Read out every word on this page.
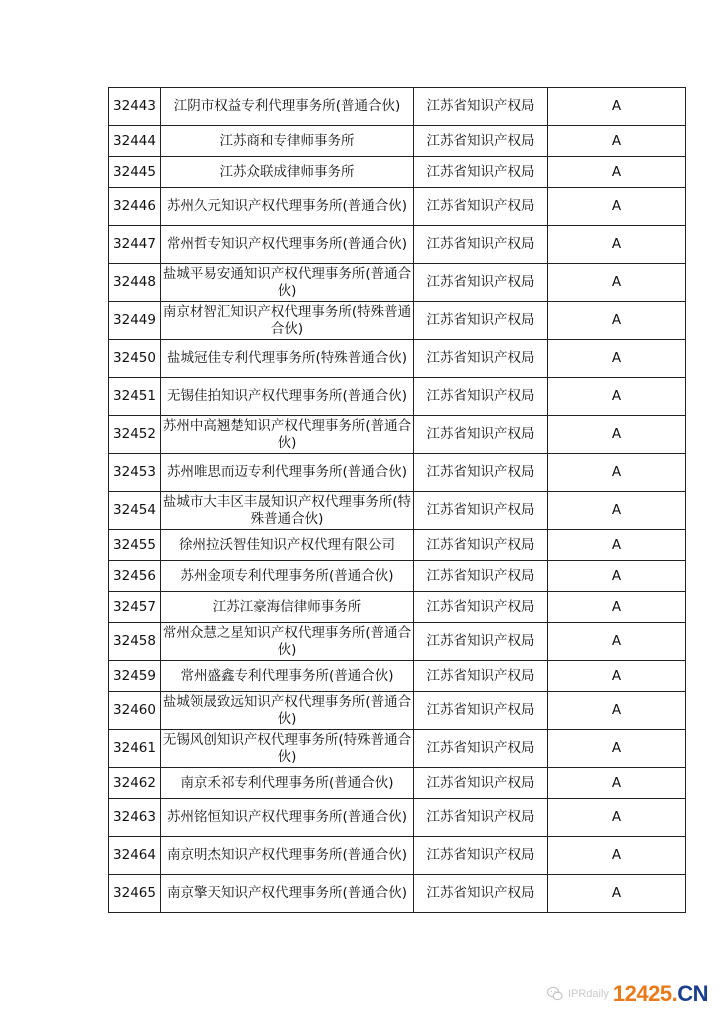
32443	江阴市权益专利代理事务所(普通合伙)	江苏省知识产权局	A
32444	江苏商和专律师事务所	江苏省知识产权局	A
32445	江苏众联成律师事务所	江苏省知识产权局	A
32446	苏州久元知识产权代理事务所(普通合伙)	江苏省知识产权局	A
32447	常州哲专知识产权代理事务所(普通合伙)	江苏省知识产权局	A
32448	盐城平易安通知识产权代理事务所(普通合伙)	江苏省知识产权局	A
32449	南京材智汇知识产权代理事务所(特殊普通合伙)	江苏省知识产权局	A
32450	盐城冠佳专利代理事务所(特殊普通合伙)	江苏省知识产权局	A
32451	无锡佳拍知识产权代理事务所(普通合伙)	江苏省知识产权局	A
32452	苏州中高翘楚知识产权代理事务所(普通合伙)	江苏省知识产权局	A
32453	苏州唯思而迈专利代理事务所(普通合伙)	江苏省知识产权局	A
32454	盐城市大丰区丰晟知识产权代理事务所(特殊普通合伙)	江苏省知识产权局	A
32455	徐州拉沃智佳知识产权代理有限公司	江苏省知识产权局	A
32456	苏州金项专利代理事务所(普通合伙)	江苏省知识产权局	A
32457	江苏江豪海信律师事务所	江苏省知识产权局	A
32458	常州众慧之星知识产权代理事务所(普通合伙)	江苏省知识产权局	A
32459	常州盛鑫专利代理事务所(普通合伙)	江苏省知识产权局	A
32460	盐城领晟致远知识产权代理事务所(普通合伙)	江苏省知识产权局	A
32461	无锡风创知识产权代理事务所(特殊普通合伙)	江苏省知识产权局	A
32462	南京禾祁专利代理事务所(普通合伙)	江苏省知识产权局	A
32463	苏州铭恒知识产权代理事务所(普通合伙)	江苏省知识产权局	A
32464	南京明杰知识产权代理事务所(普通合伙)	江苏省知识产权局	A
32465	南京擎天知识产权代理事务所(普通合伙)	江苏省知识产权局	A
IPRdaily 12425.CN
